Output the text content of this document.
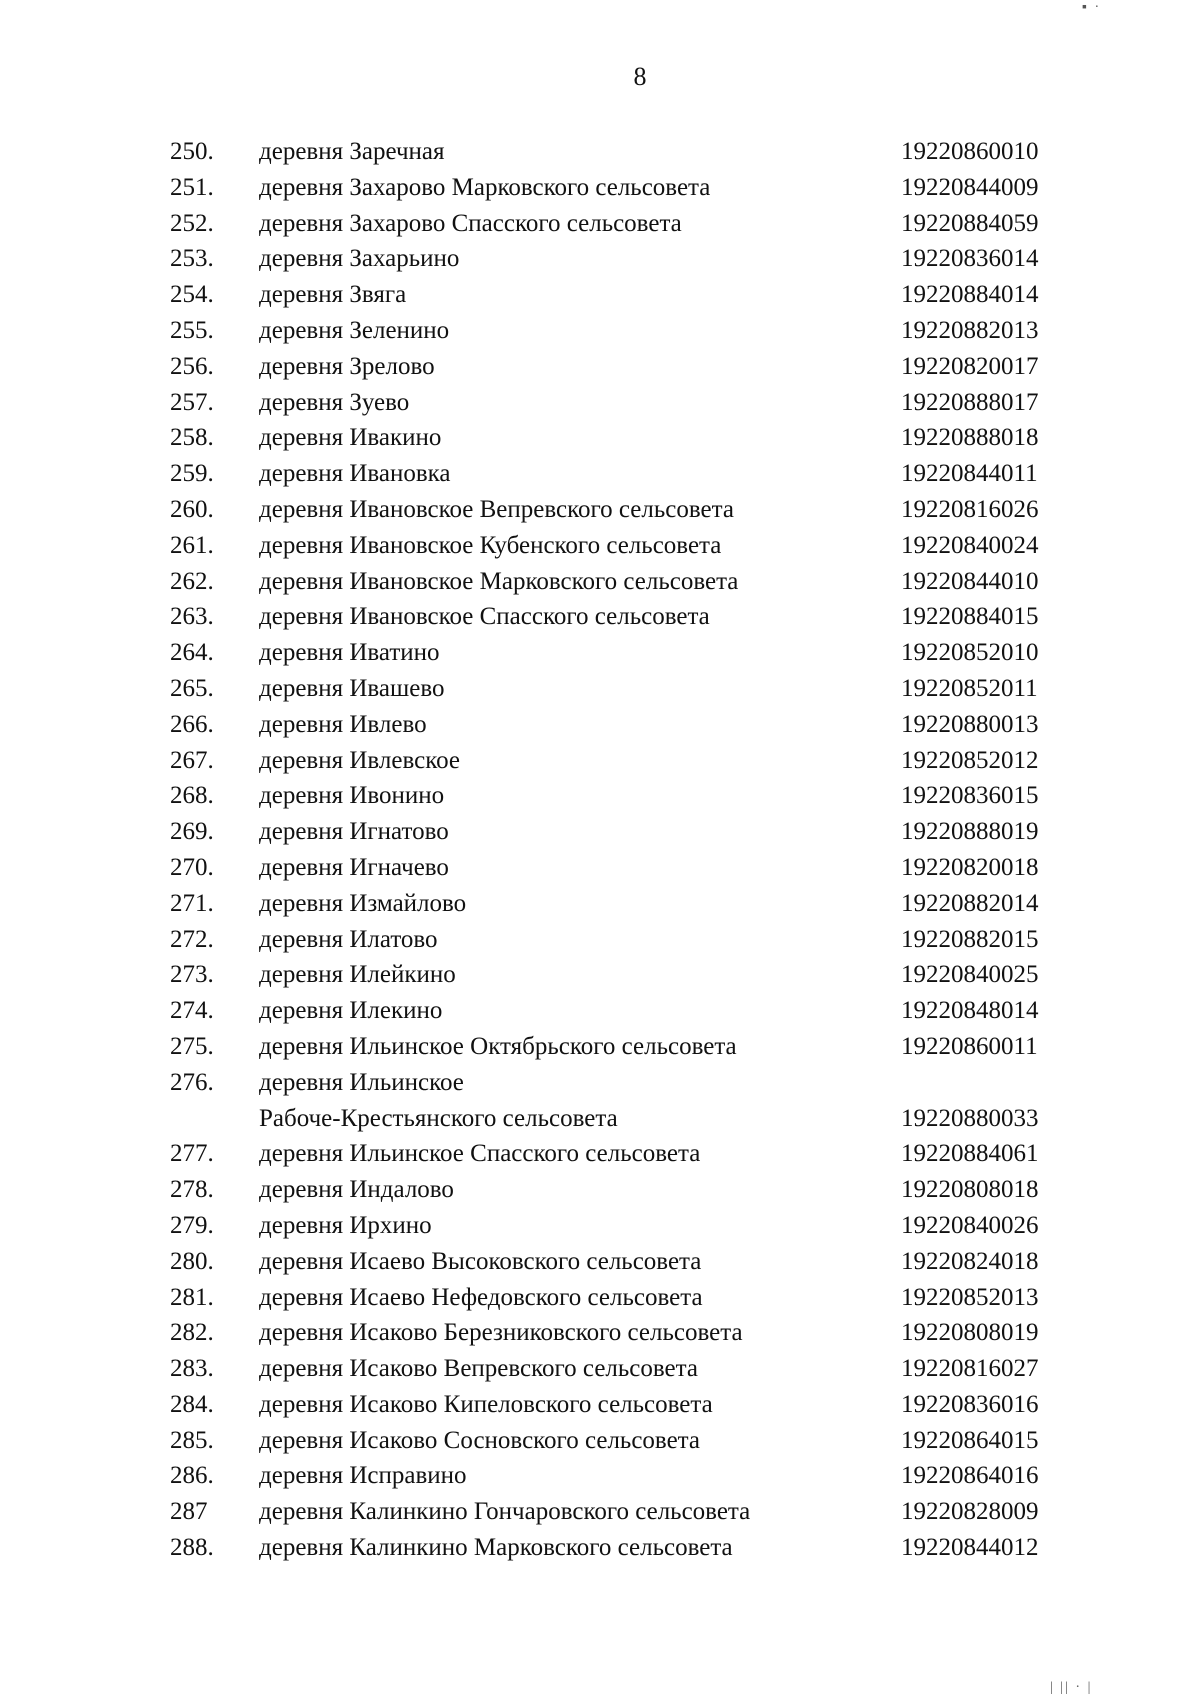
8
250. деревня Заречная	19220860010
251. деревня Захарово Марковского сельсовета	19220844009
252. деревня Захарово Спасского сельсовета	19220884059
253. деревня Захарьино	19220836014
254. деревня Звяга	19220884014
255. деревня Зеленино	19220882013
256. деревня Зрелово	19220820017
257. деревня Зуево	19220888017
258. деревня Ивакино	19220888018
259. деревня Ивановка	19220844011
260. деревня Ивановское Вепревского сельсовета	19220816026
261. деревня Ивановское Кубенского сельсовета	19220840024
262. деревня Ивановское Марковского сельсовета	19220844010
263. деревня Ивановское Спасского сельсовета	19220884015
264. деревня Иватино	19220852010
265. деревня Ивашево	19220852011
266. деревня Ивлево	19220880013
267. деревня Ивлевское	19220852012
268. деревня Ивонино	19220836015
269. деревня Игнатово	19220888019
270. деревня Игначево	19220820018
271. деревня Измайлово	19220882014
272. деревня Илатово	19220882015
273. деревня Илейкино	19220840025
274. деревня Илекино	19220848014
275. деревня Ильинское Октябрьского сельсовета	19220860011
276. деревня Ильинское
Рабоче-Крестьянского сельсовета	19220880033
277. деревня Ильинское Спасского сельсовета	19220884061
278. деревня Индалово	19220808018
279. деревня Ирхино	19220840026
280. деревня Исаево Высоковского сельсовета	19220824018
281. деревня Исаево Нефедовского сельсовета	19220852013
282. деревня Исаково Березниковского сельсовета	19220808019
283. деревня Исаково Вепревского сельсовета	19220816027
284. деревня Исаково Кипеловского сельсовета	19220836016
285. деревня Исаково Сосновского сельсовета	19220864015
286. деревня Исправино	19220864016
287 деревня Калинкино Гончаровского сельсовета	19220828009
288. деревня Калинкино Марковского сельсовета	19220844012
▪ ·
| || · |
